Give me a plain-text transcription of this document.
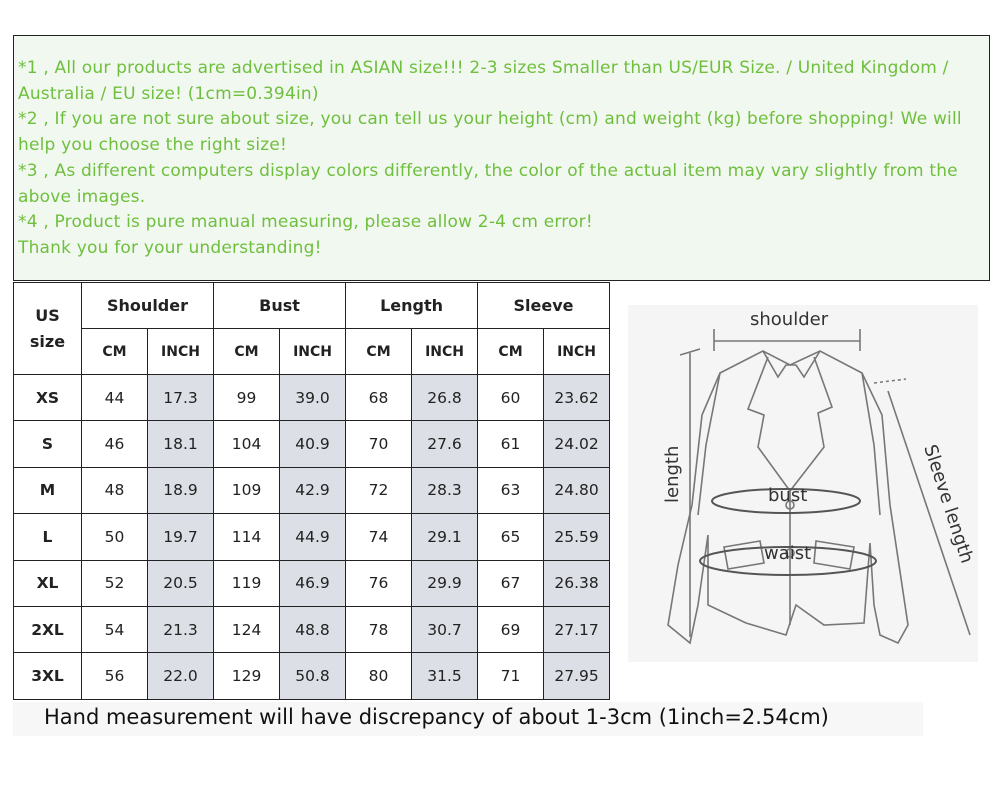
*1 , All our products are advertised in ASIAN size!!! 2-3 sizes Smaller than US/EUR Size. / United Kingdom / Australia / EU size! (1cm=0.394in)

*2 , If you are not sure about size, you can tell us your height (cm) and weight (kg) before shopping! We will help you choose the right size!

*3 , As different computers display colors differently, the color of the actual item may vary slightly from the above images.

*4 , Product is pure manual measuring, please allow 2-4 cm error!

Thank you for your understanding!

US
size	Shoulder		Bust		Length		Sleeve	
	CM	INCH	CM	INCH	CM	INCH	CM	INCH
XS	44	17.3	99	39.0	68	26.8	60	23.62
S	46	18.1	104	40.9	70	27.6	61	24.02
M	48	18.9	109	42.9	72	28.3	63	24.80
L	50	19.7	114	44.9	74	29.1	65	25.59
XL	52	20.5	119	46.9	76	29.9	67	26.38
2XL	54	21.3	124	48.8	78	30.7	69	27.17
3XL	56	22.0	129	50.8	80	31.5	71	27.95
shoulder
length	bust
waist	Sleeve length
Hand measurement will have discrepancy of about 1-3cm (1inch=2.54cm)
